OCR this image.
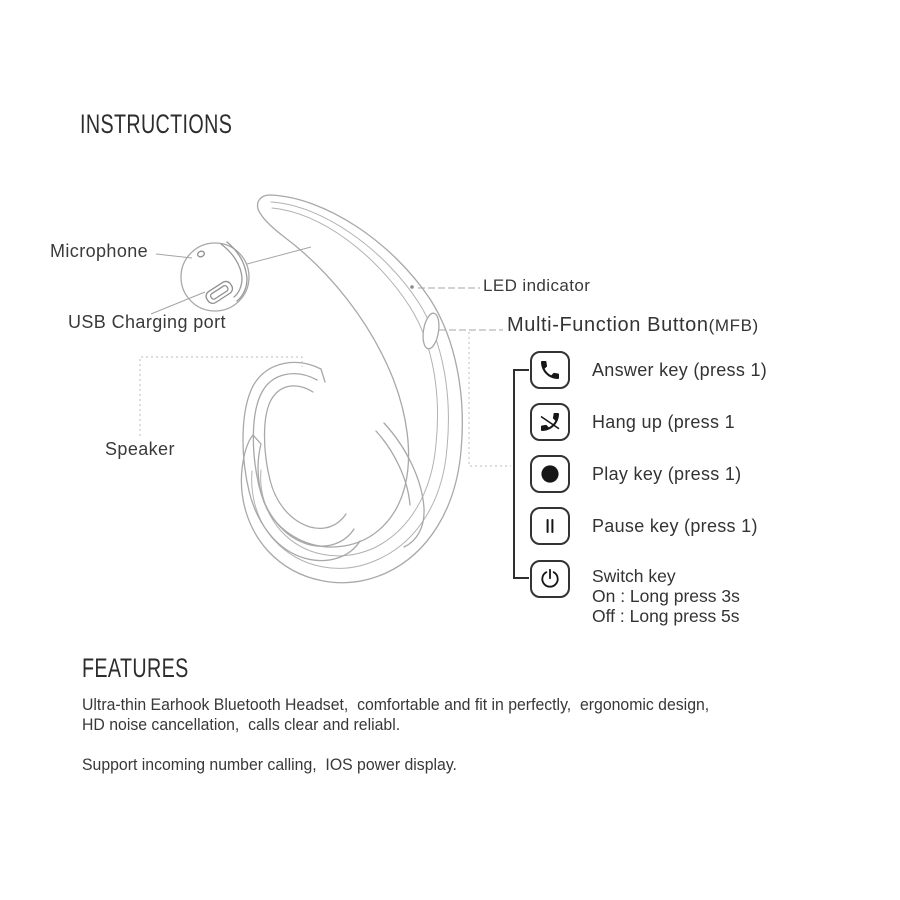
INSTRUCTIONS
FEATURES
Microphone
USB Charging port
LED indicator
Multi-Function Button(MFB)
Speaker
Answer key (press 1)
Hang up (press 1
Play key (press 1)
Pause key (press 1)
Switch key
On : Long press 3s
Off : Long press 5s
Ultra-thin Earhook Bluetooth Headset,  comfortable and fit in perfectly,  ergonomic design,
HD noise cancellation,  calls clear and reliabl.
Support incoming number calling,  IOS power display.
